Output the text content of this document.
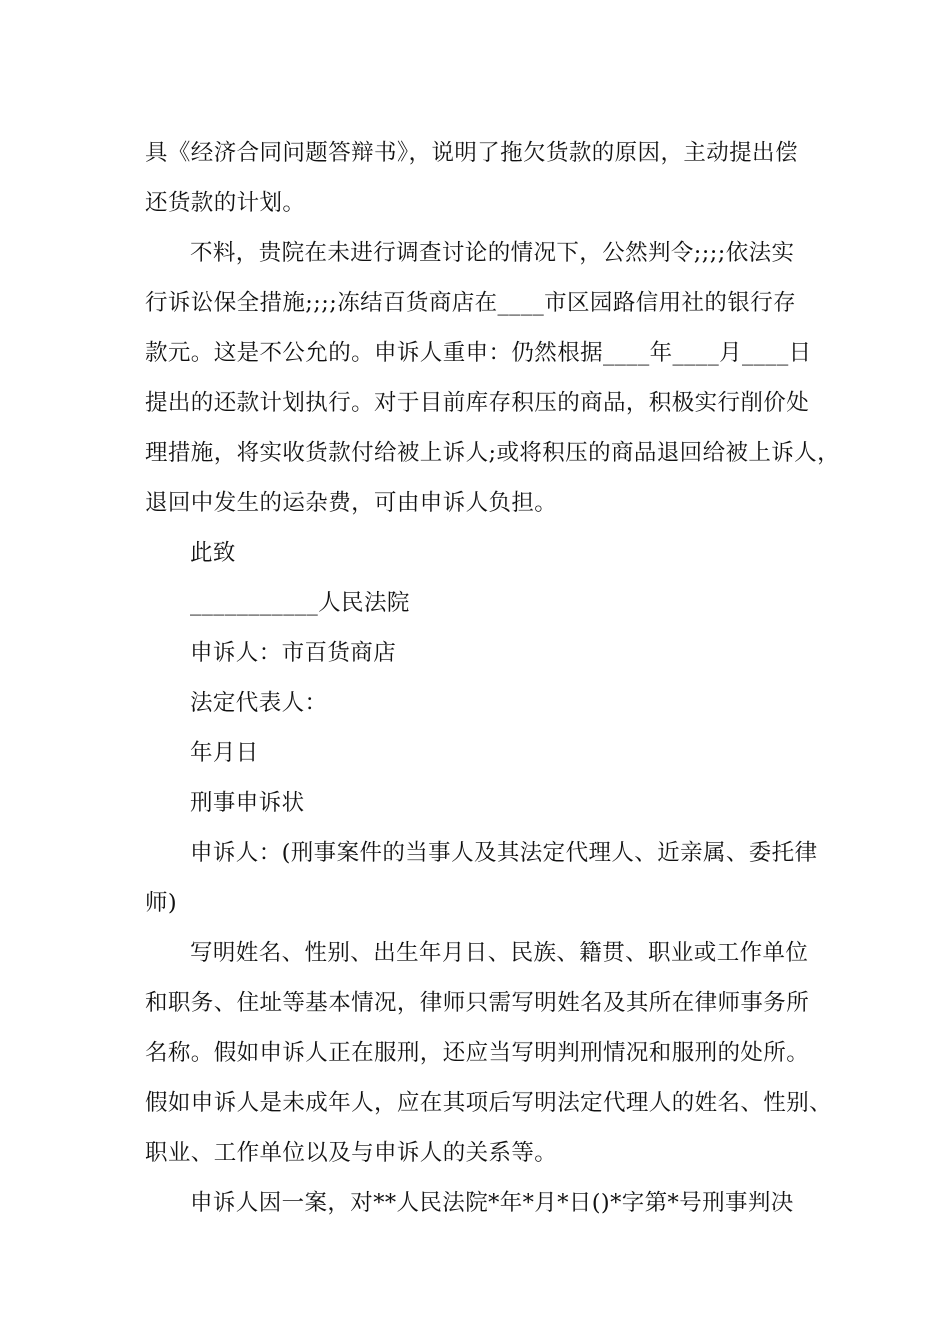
具《经济合同问题答辩书》，说明了拖欠货款的原因，主动提出偿
还货款的计划。
不料，贵院在未进行调查讨论的情况下，公然判令;;;;依法实
行诉讼保全措施;;;;冻结百货商店在____市区园路信用社的银行存
款元。这是不公允的。申诉人重申：仍然根据____年____月____日
提出的还款计划执行。对于目前库存积压的商品，积极实行削价处
理措施，将实收货款付给被上诉人;或将积压的商品退回给被上诉人，
退回中发生的运杂费，可由申诉人负担。
此致
___________人民法院
申诉人：市百货商店
法定代表人：
年月日
刑事申诉状
申诉人：(刑事案件的当事人及其法定代理人、近亲属、委托律
师)
写明姓名、性别、出生年月日、民族、籍贯、职业或工作单位
和职务、住址等基本情况，律师只需写明姓名及其所在律师事务所
名称。假如申诉人正在服刑，还应当写明判刑情况和服刑的处所。
假如申诉人是未成年人，应在其项后写明法定代理人的姓名、性别、
职业、工作单位以及与申诉人的关系等。
申诉人因一案，对**人民法院*年*月*日()*字第*号刑事判决
